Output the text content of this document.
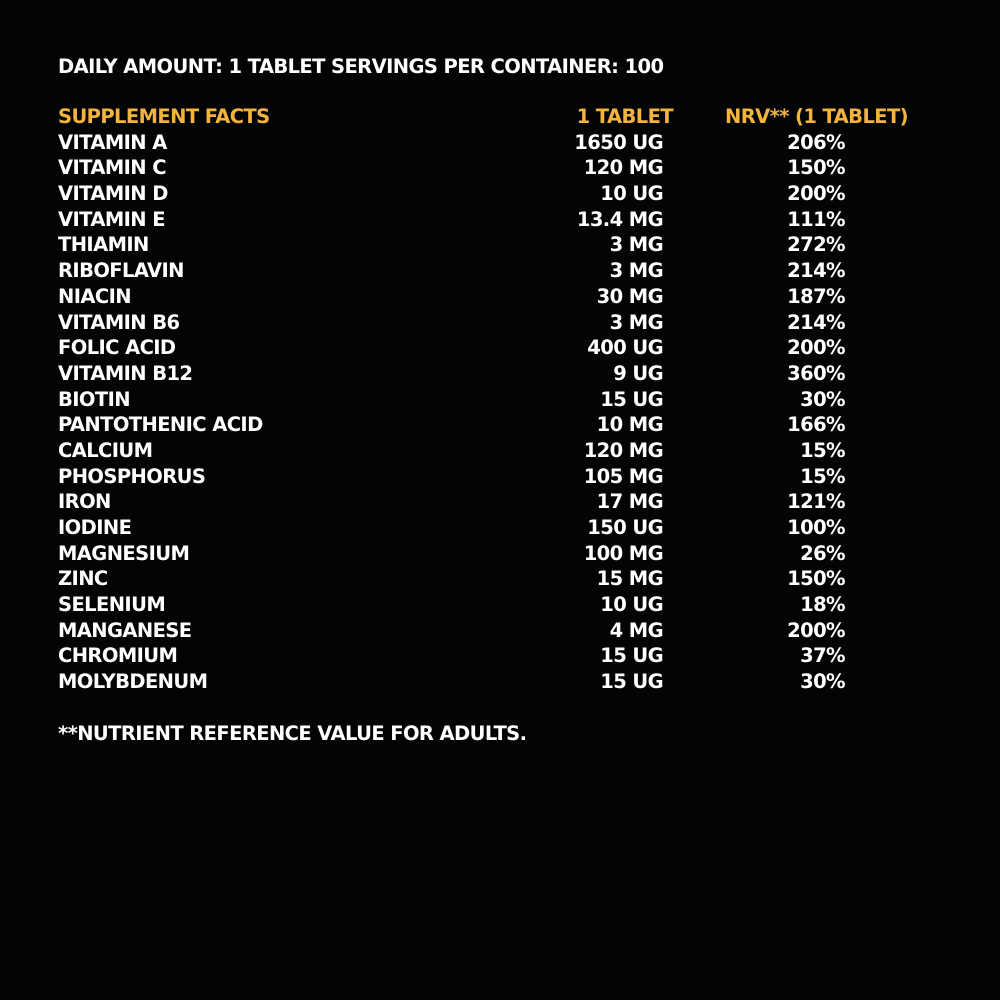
DAILY AMOUNT: 1 TABLET SERVINGS PER CONTAINER: 100
SUPPLEMENT FACTS	1 TABLET	NRV** (1 TABLET)
VITAMIN A	1650 UG	206%
VITAMIN C	120 MG	150%
VITAMIN D	10 UG	200%
VITAMIN E	13.4 MG	111%
THIAMIN	3 MG	272%
RIBOFLAVIN	3 MG	214%
NIACIN	30 MG	187%
VITAMIN B6	3 MG	214%
FOLIC ACID	400 UG	200%
VITAMIN B12	9 UG	360%
BIOTIN	15 UG	30%
PANTOTHENIC ACID	10 MG	166%
CALCIUM	120 MG	15%
PHOSPHORUS	105 MG	15%
IRON	17 MG	121%
IODINE	150 UG	100%
MAGNESIUM	100 MG	26%
ZINC	15 MG	150%
SELENIUM	10 UG	18%
MANGANESE	4 MG	200%
CHROMIUM	15 UG	37%
MOLYBDENUM	15 UG	30%
**NUTRIENT REFERENCE VALUE FOR ADULTS.
